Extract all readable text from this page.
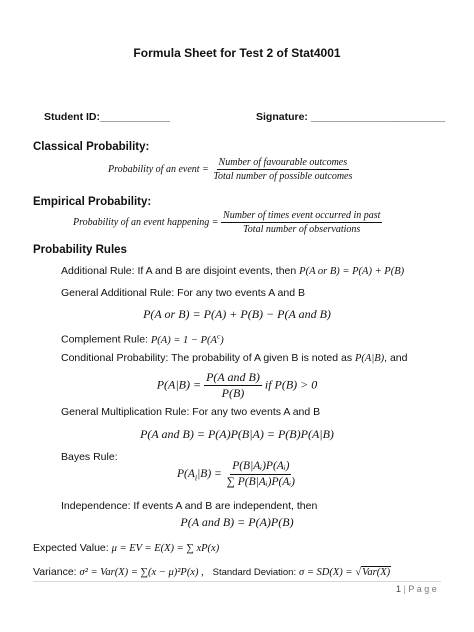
Formula Sheet for Test 2 of Stat4001
Student ID:____________	Signature: _______________________
Classical Probability:
Probability of an event = $\frac{\text{Number of favourable outcomes}}{\text{Total number of possible outcomes}}$
Empirical Probability:
Probability of an event happening = $\frac{\text{Number of times event occurred in past}}{\text{Total number of observations}}$
Probability Rules
Additional Rule: If A and B are disjoint events, then P(A or B) = P(A) + P(B)
General Additional Rule: For any two events A and B
P(A or B) = P(A) + P(B) − P(A and B)
Complement Rule: $P(A) = 1 - P(A^c)$
Conditional Probability: The probability of A given B is noted as P(A|B), and
$P(A|B) = \frac{\text{P(A and B)}}{P(B)}$ if P(B) > 0
General Multiplication Rule: For any two events A and B
P(A and B) = P(A)P(B|A) = P(B)P(A|B)
Bayes Rule:
$P(A_i|B) = \frac{\text{P(B|Aᵢ)P(Aᵢ)}}{\text{∑ P(B|Aᵢ)P(Aᵢ)}}$
Independence: If events A and B are independent, then
P(A and B) = P(A)P(B)
Expected Value: μ = EV = E(X) = ∑ xP(x)
Variance: σ² = Var(X) = ∑(x − μ)²P(x) , Standard Deviation: σ = SD(X) = √Var(X)
1 | P a g e
